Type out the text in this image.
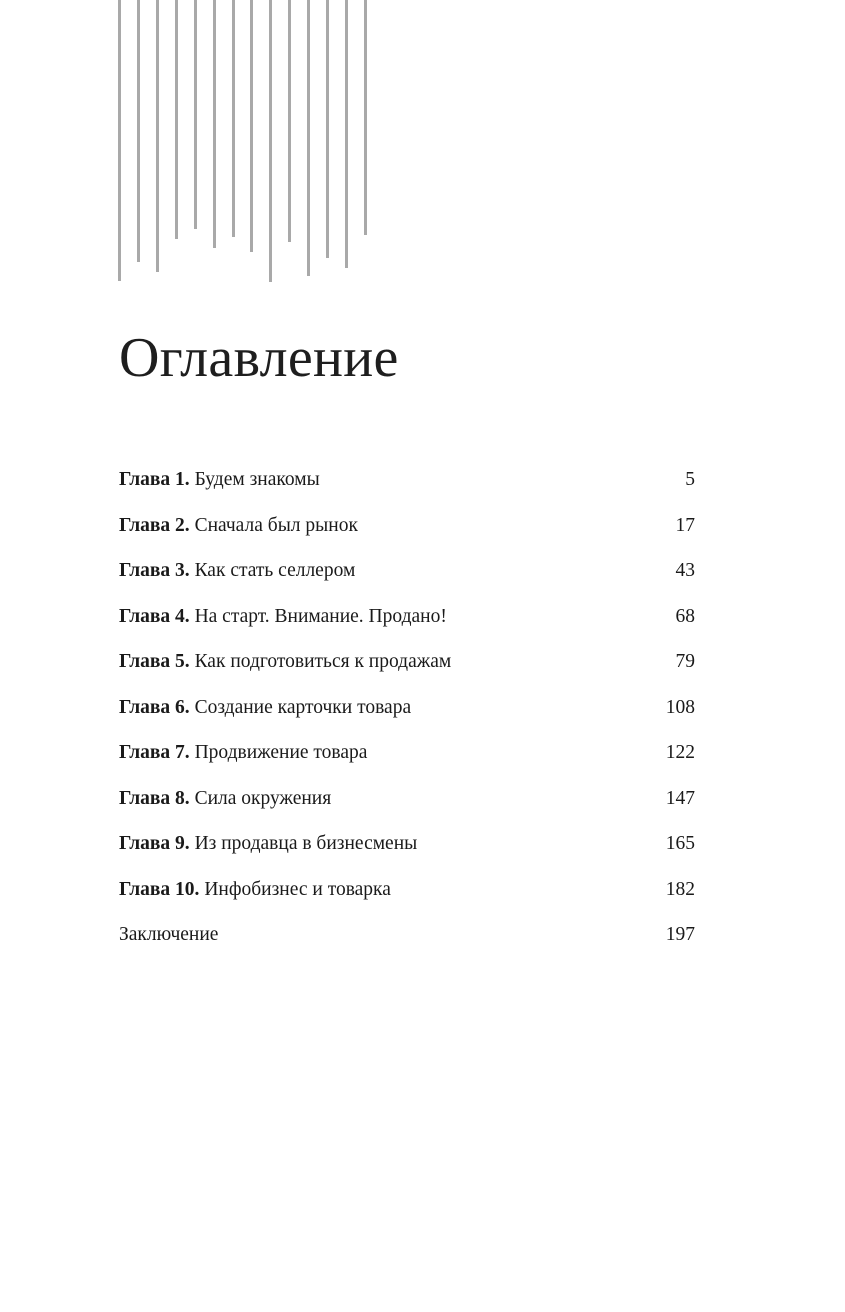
Оглавление
Глава 1. Будем знакомы	5
Глава 2. Сначала был рынок	17
Глава 3. Как стать селлером	43
Глава 4. На старт. Внимание. Продано!	68
Глава 5. Как подготовиться к продажам	79
Глава 6. Создание карточки товара	108
Глава 7. Продвижение товара	122
Глава 8. Сила окружения	147
Глава 9. Из продавца в бизнесмены	165
Глава 10. Инфобизнес и товарка	182
Заключение	197
